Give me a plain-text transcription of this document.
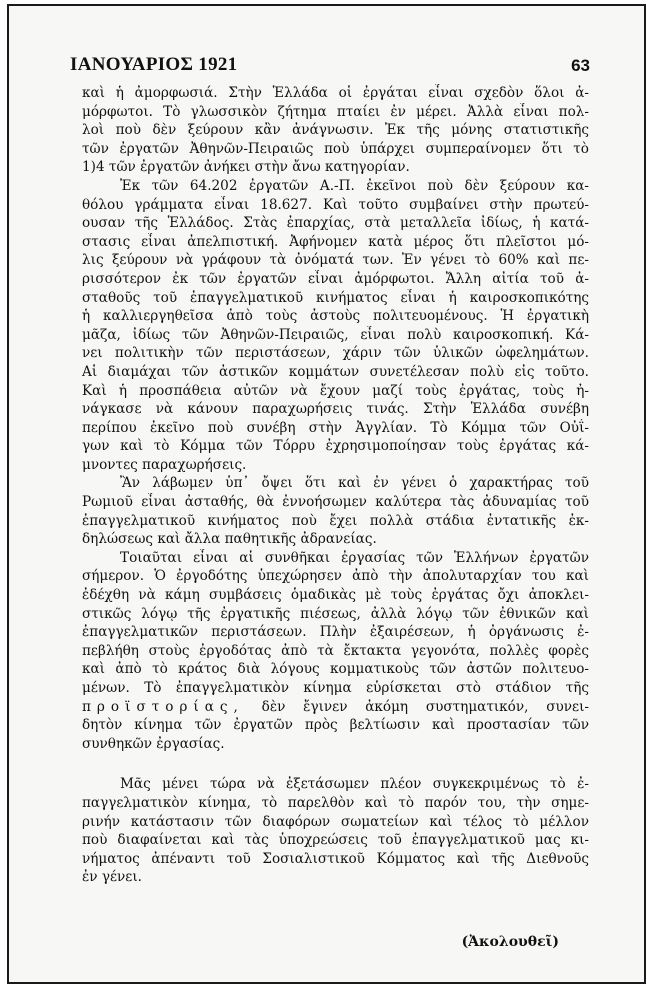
ΙΑΝΟΥΑΡΙΟΣ 1921	63
καὶ ἡ ἀμορφωσιά. Στὴν Ἑλλάδα οἱ ἐργάται εἶναι σχεδὸν ὅλοι ἀ-
μόρφωτοι. Τὸ γλωσσικὸν ζήτημα πταίει ἐν μέρει. Ἀλλὰ εἶναι πολ-
λοὶ ποὺ δὲν ξεύρουν κἂν ἀνάγνωσιν. Ἐκ τῆς μόνης στατιστικῆς
τῶν ἐργατῶν Ἀθηνῶν-Πειραιῶς ποὺ ὑπάρχει συμπεραίνομεν ὅτι τὸ
1)4 τῶν ἐργατῶν ἀνήκει στὴν ἄνω κατηγορίαν.
Ἐκ τῶν 64.202 ἐργατῶν Α.-Π. ἐκεῖνοι ποὺ δὲν ξεύρουν κα-
θόλου γράμματα εἶναι 18.627. Καὶ τοῦτο συμβαίνει στὴν πρωτεύ-
ουσαν τῆς Ἑλλάδος. Στὰς ἐπαρχίας, στὰ μεταλλεῖα ἰδίως, ἡ κατά-
στασις εἶναι ἀπελπιστική. Ἀφήνομεν κατὰ μέρος ὅτι πλεῖστοι μό-
λις ξεύρουν νὰ γράφουν τὰ ὀνόματά των. Ἐν γένει τὸ 60% καὶ πε-
ρισσότερον ἐκ τῶν ἐργατῶν εἶναι ἀμόρφωτοι. Ἄλλη αἰτία τοῦ ἀ-
σταθοῦς τοῦ ἐπαγγελματικοῦ κινήματος εἶναι ἡ καιροσκοπικότης
ἡ καλλιεργηθεῖσα ἀπὸ τοὺς ἀστοὺς πολιτευομένους. Ἡ ἐργατικὴ
μᾶζα, ἰδίως τῶν Ἀθηνῶν-Πειραιῶς, εἶναι πολὺ καιροσκοπική. Κά-
νει πολιτικὴν τῶν περιστάσεων, χάριν τῶν ὑλικῶν ὠφελημάτων.
Αἱ διαμάχαι τῶν ἀστικῶν κομμάτων συνετέλεσαν πολὺ εἰς τοῦτο.
Καὶ ἡ προσπάθεια αὐτῶν νὰ ἔχουν μαζί τοὺς ἐργάτας, τοὺς ἠ-
νάγκασε νὰ κάνουν παραχωρήσεις τινάς. Στὴν Ἑλλάδα συνέβη
περίπου ἐκεῖνο ποὺ συνέβη στὴν Ἀγγλίαν. Τὸ Κόμμα τῶν Οὐΐ-
γων καὶ τὸ Κόμμα τῶν Τόρρυ ἐχρησιμοποίησαν τοὺς ἐργάτας κά-
μνοντες παραχωρήσεις.
Ἂν λάβωμεν ὑπ᾿ ὄψει ὅτι καὶ ἐν γένει ὁ χαρακτήρας τοῦ
Ρωμιοῦ εἶναι ἀσταθής, θὰ ἐννοήσωμεν καλύτερα τὰς ἀδυναμίας τοῦ
ἐπαγγελματικοῦ κινήματος ποὺ ἔχει πολλὰ στάδια ἐντατικῆς ἐκ-
δηλώσεως καὶ ἄλλα παθητικῆς ἀδρανείας.
Τοιαῦται εἶναι αἱ συνθῆκαι ἐργασίας τῶν Ἑλλήνων ἐργατῶν
σήμερον. Ὁ ἐργοδότης ὑπεχώρησεν ἀπὸ τὴν ἀπολυταρχίαν του καὶ
ἐδέχθη νὰ κάμη συμβάσεις ὁμαδικὰς μὲ τοὺς ἐργάτας ὄχι ἀποκλει-
στικῶς λόγῳ τῆς ἐργατικῆς πιέσεως, ἀλλὰ λόγῳ τῶν ἐθνικῶν καὶ
ἐπαγγελματικῶν περιστάσεων. Πλὴν ἐξαιρέσεων, ἡ ὀργάνωσις ἐ-
πεβλήθη στοὺς ἐργοδότας ἀπὸ τὰ ἔκτακτα γεγονότα, πολλὲς φορὲς
καὶ ἀπὸ τὸ κράτος διὰ λόγους κομματικοὺς τῶν ἀστῶν πολιτευο-
μένων. Τὸ ἐπαγγελματικὸν κίνημα εὑρίσκεται στὸ στάδιον τῆς
προϊστορίας, δὲν ἔγινεν ἀκόμη συστηματικόν, συνει-
δητὸν κίνημα τῶν ἐργατῶν πρὸς βελτίωσιν καὶ προστασίαν τῶν
συνθηκῶν ἐργασίας.
Μᾶς μένει τώρα νὰ ἐξετάσωμεν πλέον συγκεκριμένως τὸ ἐ-
παγγελματικὸν κίνημα, τὸ παρελθὸν καὶ τὸ παρόν του, τὴν σημε-
ρινήν κατάστασιν τῶν διαφόρων σωματείων καὶ τέλος τὸ μέλλον
ποὺ διαφαίνεται καὶ τὰς ὑποχρεώσεις τοῦ ἐπαγγελματικοῦ μας κι-
νήματος ἀπέναντι τοῦ Σοσιαλιστικοῦ Κόμματος καὶ τῆς Διεθνοῦς
ἐν γένει.
(Ἀκολουθεῖ)
